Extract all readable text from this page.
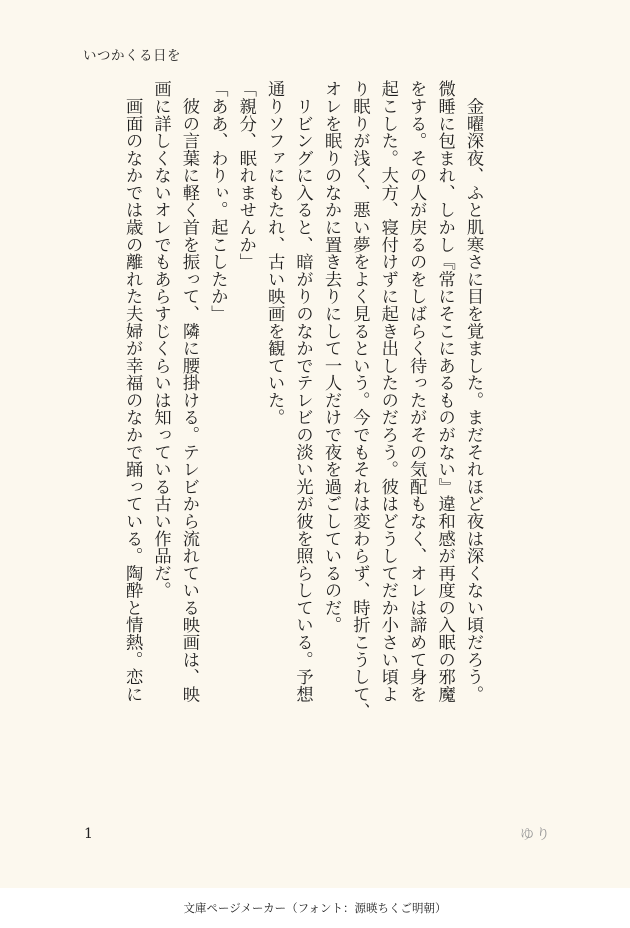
いつかくる日を

　金曜深夜、ふと肌寒さに目を覚ました。まだそれほど夜は深くない頃だろう。

微睡に包まれ、しかし『常にそこにあるものがない』違和感が再度の入眠の邪魔

をする。その人が戻るのをしばらく待ったがその気配もなく、オレは諦めて身を

起こした。大方、寝付けずに起き出したのだろう。彼はどうしてだか小さい頃よ

り眠りが浅く、悪い夢をよく見るという。今でもそれは変わらず、時折こうして、

オレを眠りのなかに置き去りにして一人だけで夜を過ごしているのだ。

　リビングに入ると、暗がりのなかでテレビの淡い光が彼を照らしている。予想

通りソファにもたれ、古い映画を観ていた。

「親分、眠れませんか」

「ああ、わりぃ。起こしたか」

　彼の言葉に軽く首を振って、隣に腰掛ける。テレビから流れている映画は、映

画に詳しくないオレでもあらすじくらいは知っている古い作品だ。

　画面のなかでは歳の離れた夫婦が幸福のなかで踊っている。陶酔と情熱。恋に

1	ゆり
文庫ページメーカー（フォント：源暎ちくご明朝）
